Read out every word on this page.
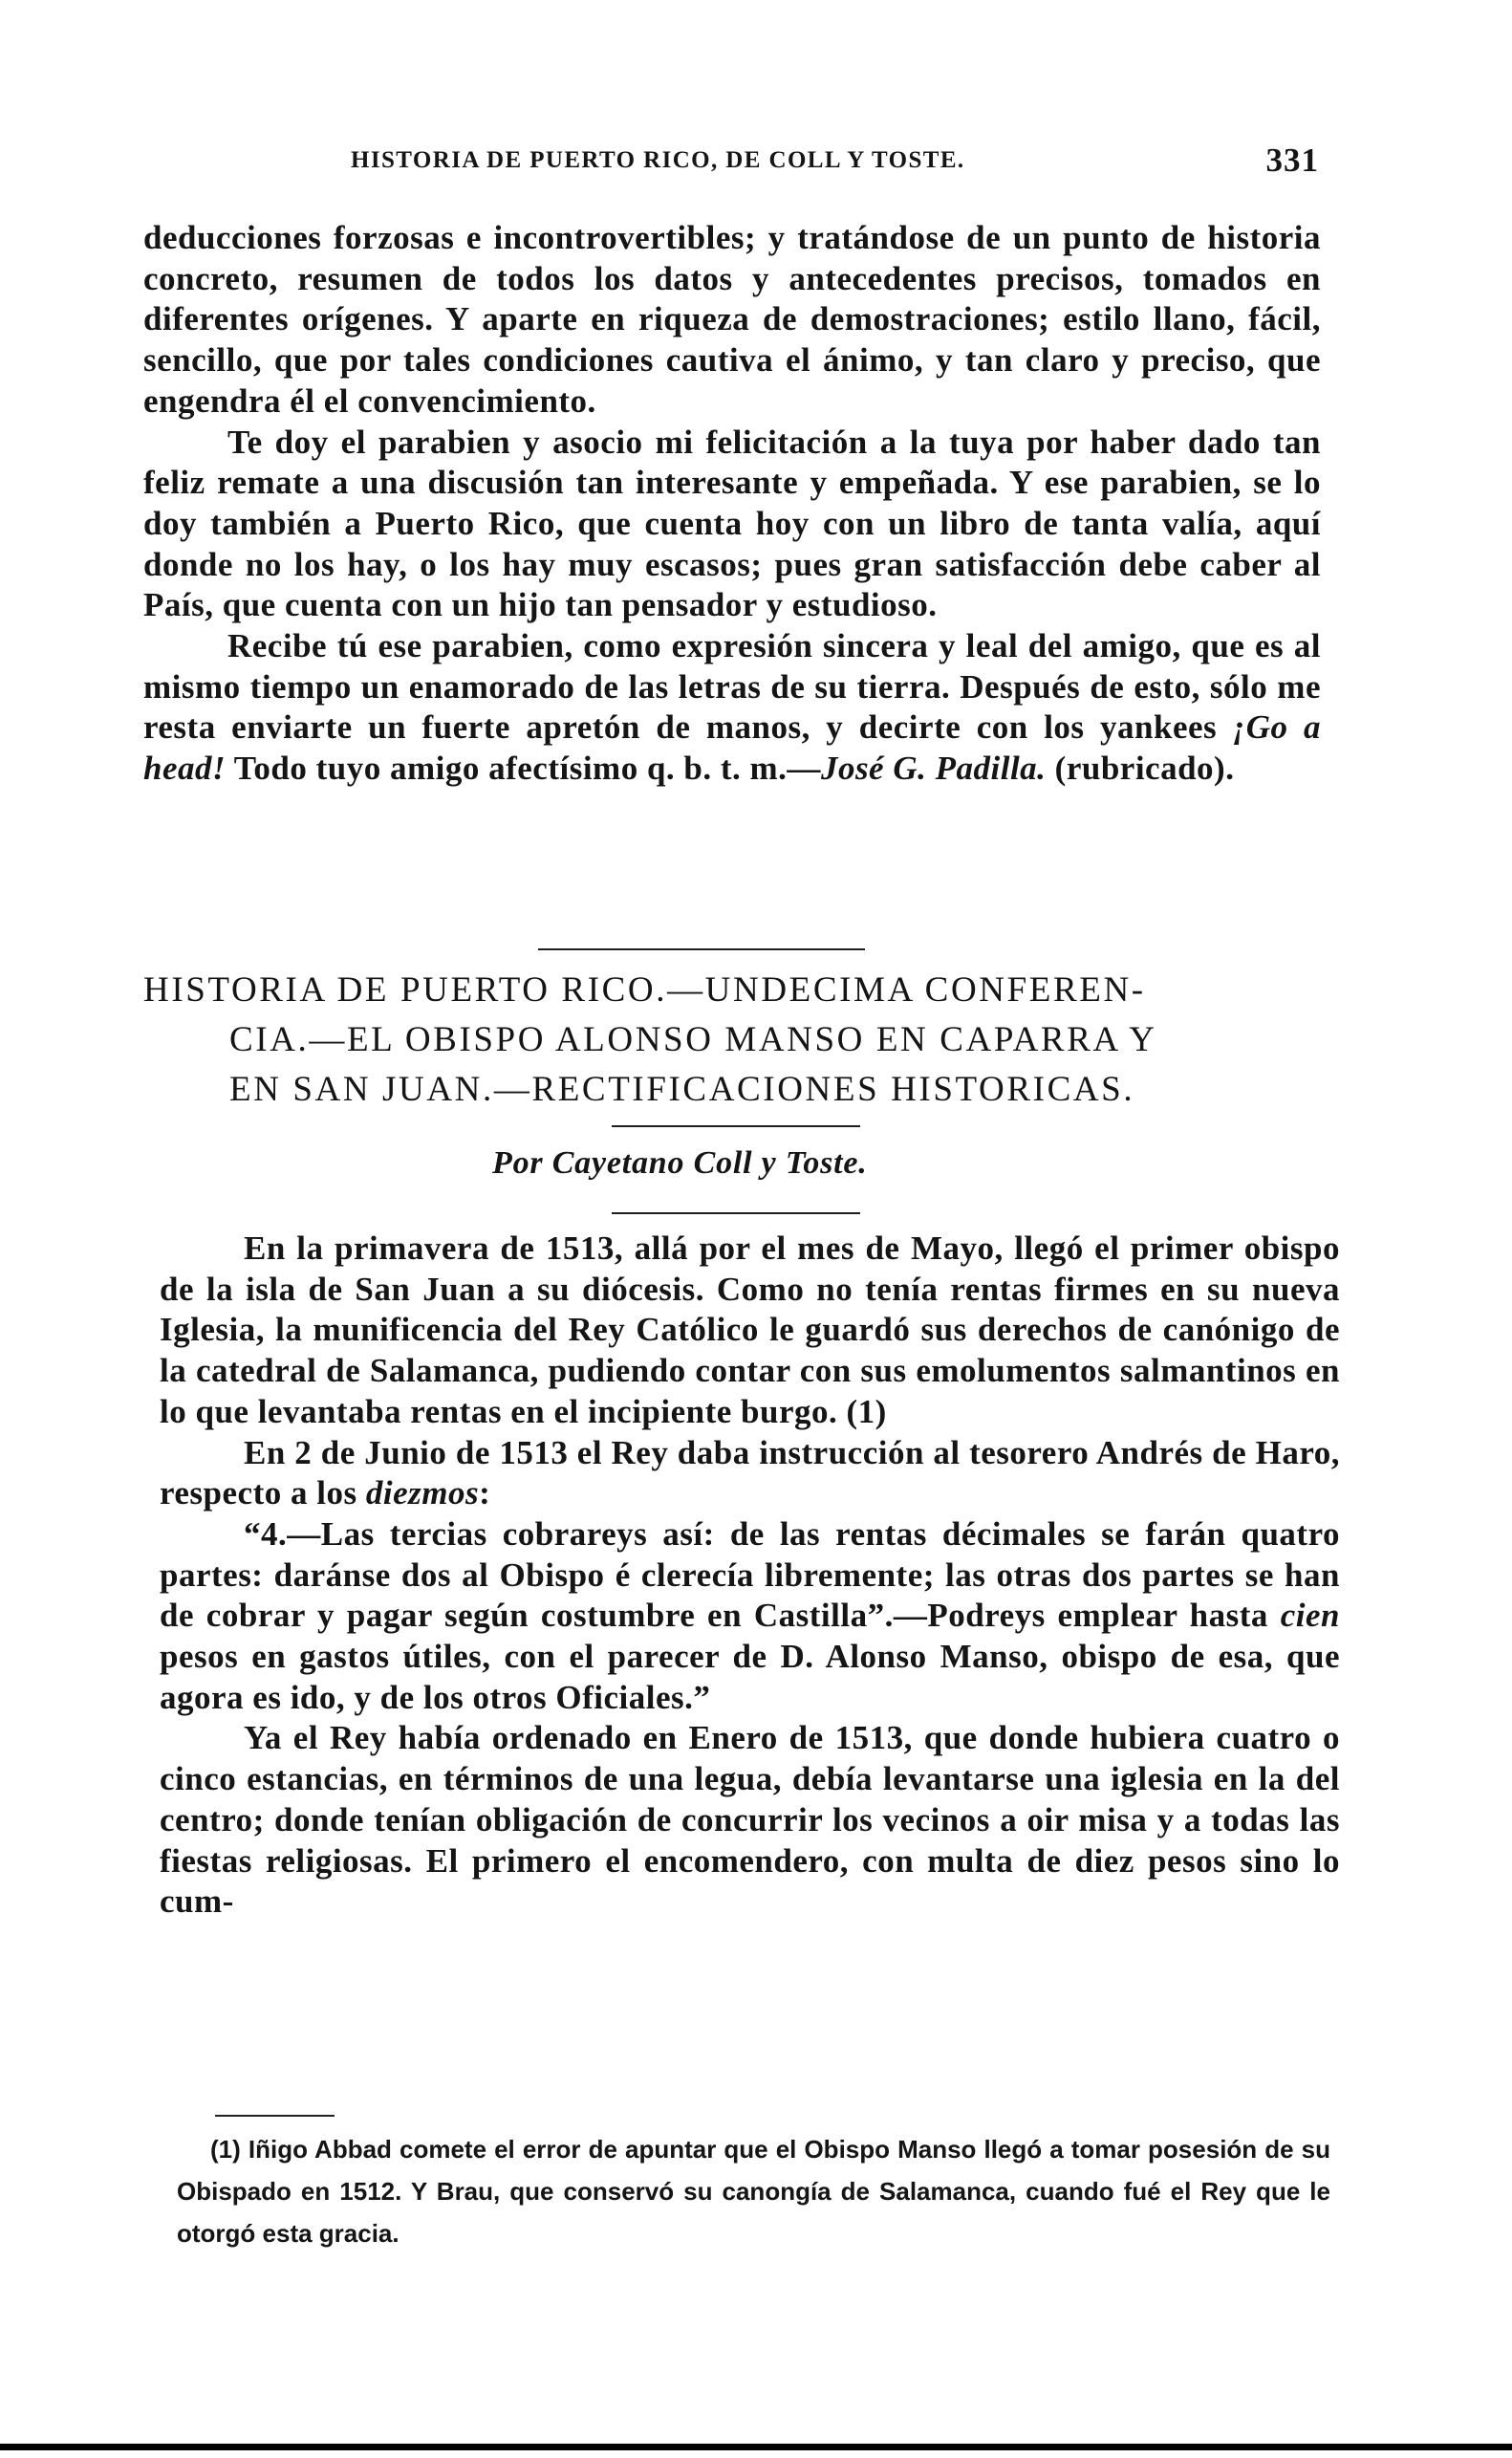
HISTORIA DE PUERTO RICO, DE COLL Y TOSTE.	331

deducciones forzosas e incontrovertibles; y tratándose de un punto de historia concreto, resumen de todos los datos y antecedentes precisos, tomados en diferentes orígenes. Y aparte en riqueza de demostraciones; estilo llano, fácil, sencillo, que por tales condiciones cautiva el ánimo, y tan claro y preciso, que engendra él el convencimiento.

Te doy el parabien y asocio mi felicitación a la tuya por haber dado tan feliz remate a una discusión tan interesante y empeñada. Y ese parabien, se lo doy también a Puerto Rico, que cuenta hoy con un libro de tanta valía, aquí donde no los hay, o los hay muy escasos; pues gran satisfacción debe caber al País, que cuenta con un hijo tan pensador y estudioso.

Recibe tú ese parabien, como expresión sincera y leal del amigo, que es al mismo tiempo un enamorado de las letras de su tierra. Después de esto, sólo me resta enviarte un fuerte apretón de manos, y decirte con los yankees ¡Go a head! Todo tuyo amigo afectísimo q. b. t. m.—José G. Padilla. (rubricado).

HISTORIA DE PUERTO RICO.—UNDECIMA CONFEREN-
CIA.—EL OBISPO ALONSO MANSO EN CAPARRA Y
EN SAN JUAN.—RECTIFICACIONES HISTORICAS.
Por Cayetano Coll y Toste.

En la primavera de 1513, allá por el mes de Mayo, llegó el primer obispo de la isla de San Juan a su diócesis. Como no tenía rentas firmes en su nueva Iglesia, la munificencia del Rey Católico le guardó sus derechos de canónigo de la catedral de Salamanca, pudiendo contar con sus emolumentos salmantinos en lo que levantaba rentas en el incipiente burgo. (1)

En 2 de Junio de 1513 el Rey daba instrucción al tesorero Andrés de Haro, respecto a los diezmos:

“4.—Las tercias cobrareys así: de las rentas décimales se farán quatro partes: daránse dos al Obispo é clerecía libremente; las otras dos partes se han de cobrar y pagar según costumbre en Castilla”.—Podreys emplear hasta cien pesos en gastos útiles, con el parecer de D. Alonso Manso, obispo de esa, que agora es ido, y de los otros Oficiales.”

Ya el Rey había ordenado en Enero de 1513, que donde hubiera cuatro o cinco estancias, en términos de una legua, debía levantarse una iglesia en la del centro; donde tenían obligación de concurrir los vecinos a oir misa y a todas las fiestas religiosas. El primero el encomendero, con multa de diez pesos sino lo cum-

(1) Iñigo Abbad comete el error de apuntar que el Obispo Manso llegó a tomar posesión de su Obispado en 1512. Y Brau, que conservó su canongía de Salamanca, cuando fué el Rey que le otorgó esta gracia.
